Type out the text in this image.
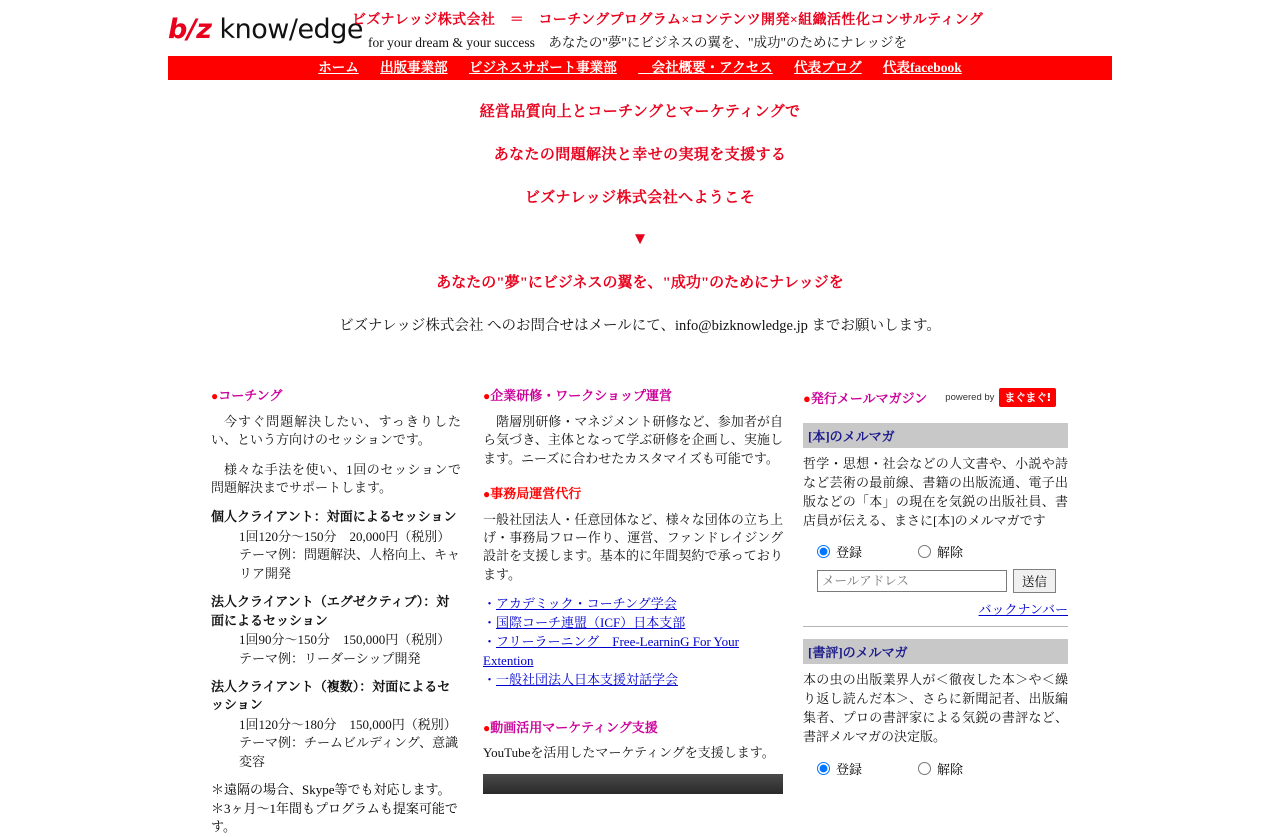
b/z know/edge
ビズナレッジ株式会社　＝　コーチングプログラム×コンテンツ開発×組織活性化コンサルティング
for your dream & your success　あなたの"夢"にビジネスの翼を、"成功"のためにナレッジを
ホーム 出版事業部 ビジネスサポート事業部 　会社概要・アクセス 代表ブログ 代表facebook
経営品質向上とコーチングとマーケティングで
あなたの問題解決と幸せの実現を支援する
ビズナレッジ株式会社へようこそ
▼
あなたの"夢"にビジネスの翼を、"成功"のためにナレッジを
ビズナレッジ株式会社 へのお問合せはメールにて、info@bizknowledge.jp までお願いします。
●コーチング
今すぐ問題解決したい、すっきりしたい、という方向けのセッションです。
様々な手法を使い、1回のセッションで問題解決までサポートします。
個人クライアント：対面によるセッション
1回120分〜150分　20,000円（税別）
テーマ例：問題解決、人格向上、キャリア開発
法人クライアント（エグゼクティブ）：対面によるセッション
1回90分〜150分　150,000円（税別）
テーマ例：リーダーシップ開発
法人クライアント（複数）：対面によるセッション
1回120分〜180分　150,000円（税別）
テーマ例：チームビルディング、意識変容
＊遠隔の場合、Skype等でも対応します。
＊3ヶ月〜1年間もプログラムも提案可能です。
●企業研修・ワークショップ運営
階層別研修・マネジメント研修など、参加者が自ら気づき、主体となって学ぶ研修を企画し、実施します。ニーズに合わせたカスタマイズも可能です。
●事務局運営代行
一般社団法人・任意団体など、様々な団体の立ち上げ・事務局フロー作り、運営、ファンドレイジング設計を支援します。基本的に年間契約で承っております。
・アカデミック・コーチング学会
・国際コーチ連盟（ICF）日本支部
・フリーラーニング　Free-LearninG For Your Extention
・一般社団法人日本支援対話学会
●動画活用マーケティング支援
YouTubeを活用したマーケティングを支援します。
●発行メールマガジン powered by まぐまぐ!
[本]のメルマガ
哲学・思想・社会などの人文書や、小説や詩など芸術の最前線、書籍の出版流通、電子出版などの「本」の現在を気鋭の出版社員、書店員が伝える、まさに[本]のメルマガです
登録	解除
メールアドレス
送信
バックナンバー
[書評]のメルマガ
本の虫の出版業界人が＜徹夜した本＞や＜繰り返し読んだ本＞、さらに新聞記者、出版編集者、プロの書評家による気鋭の書評など、書評メルマガの決定版。
登録	解除
